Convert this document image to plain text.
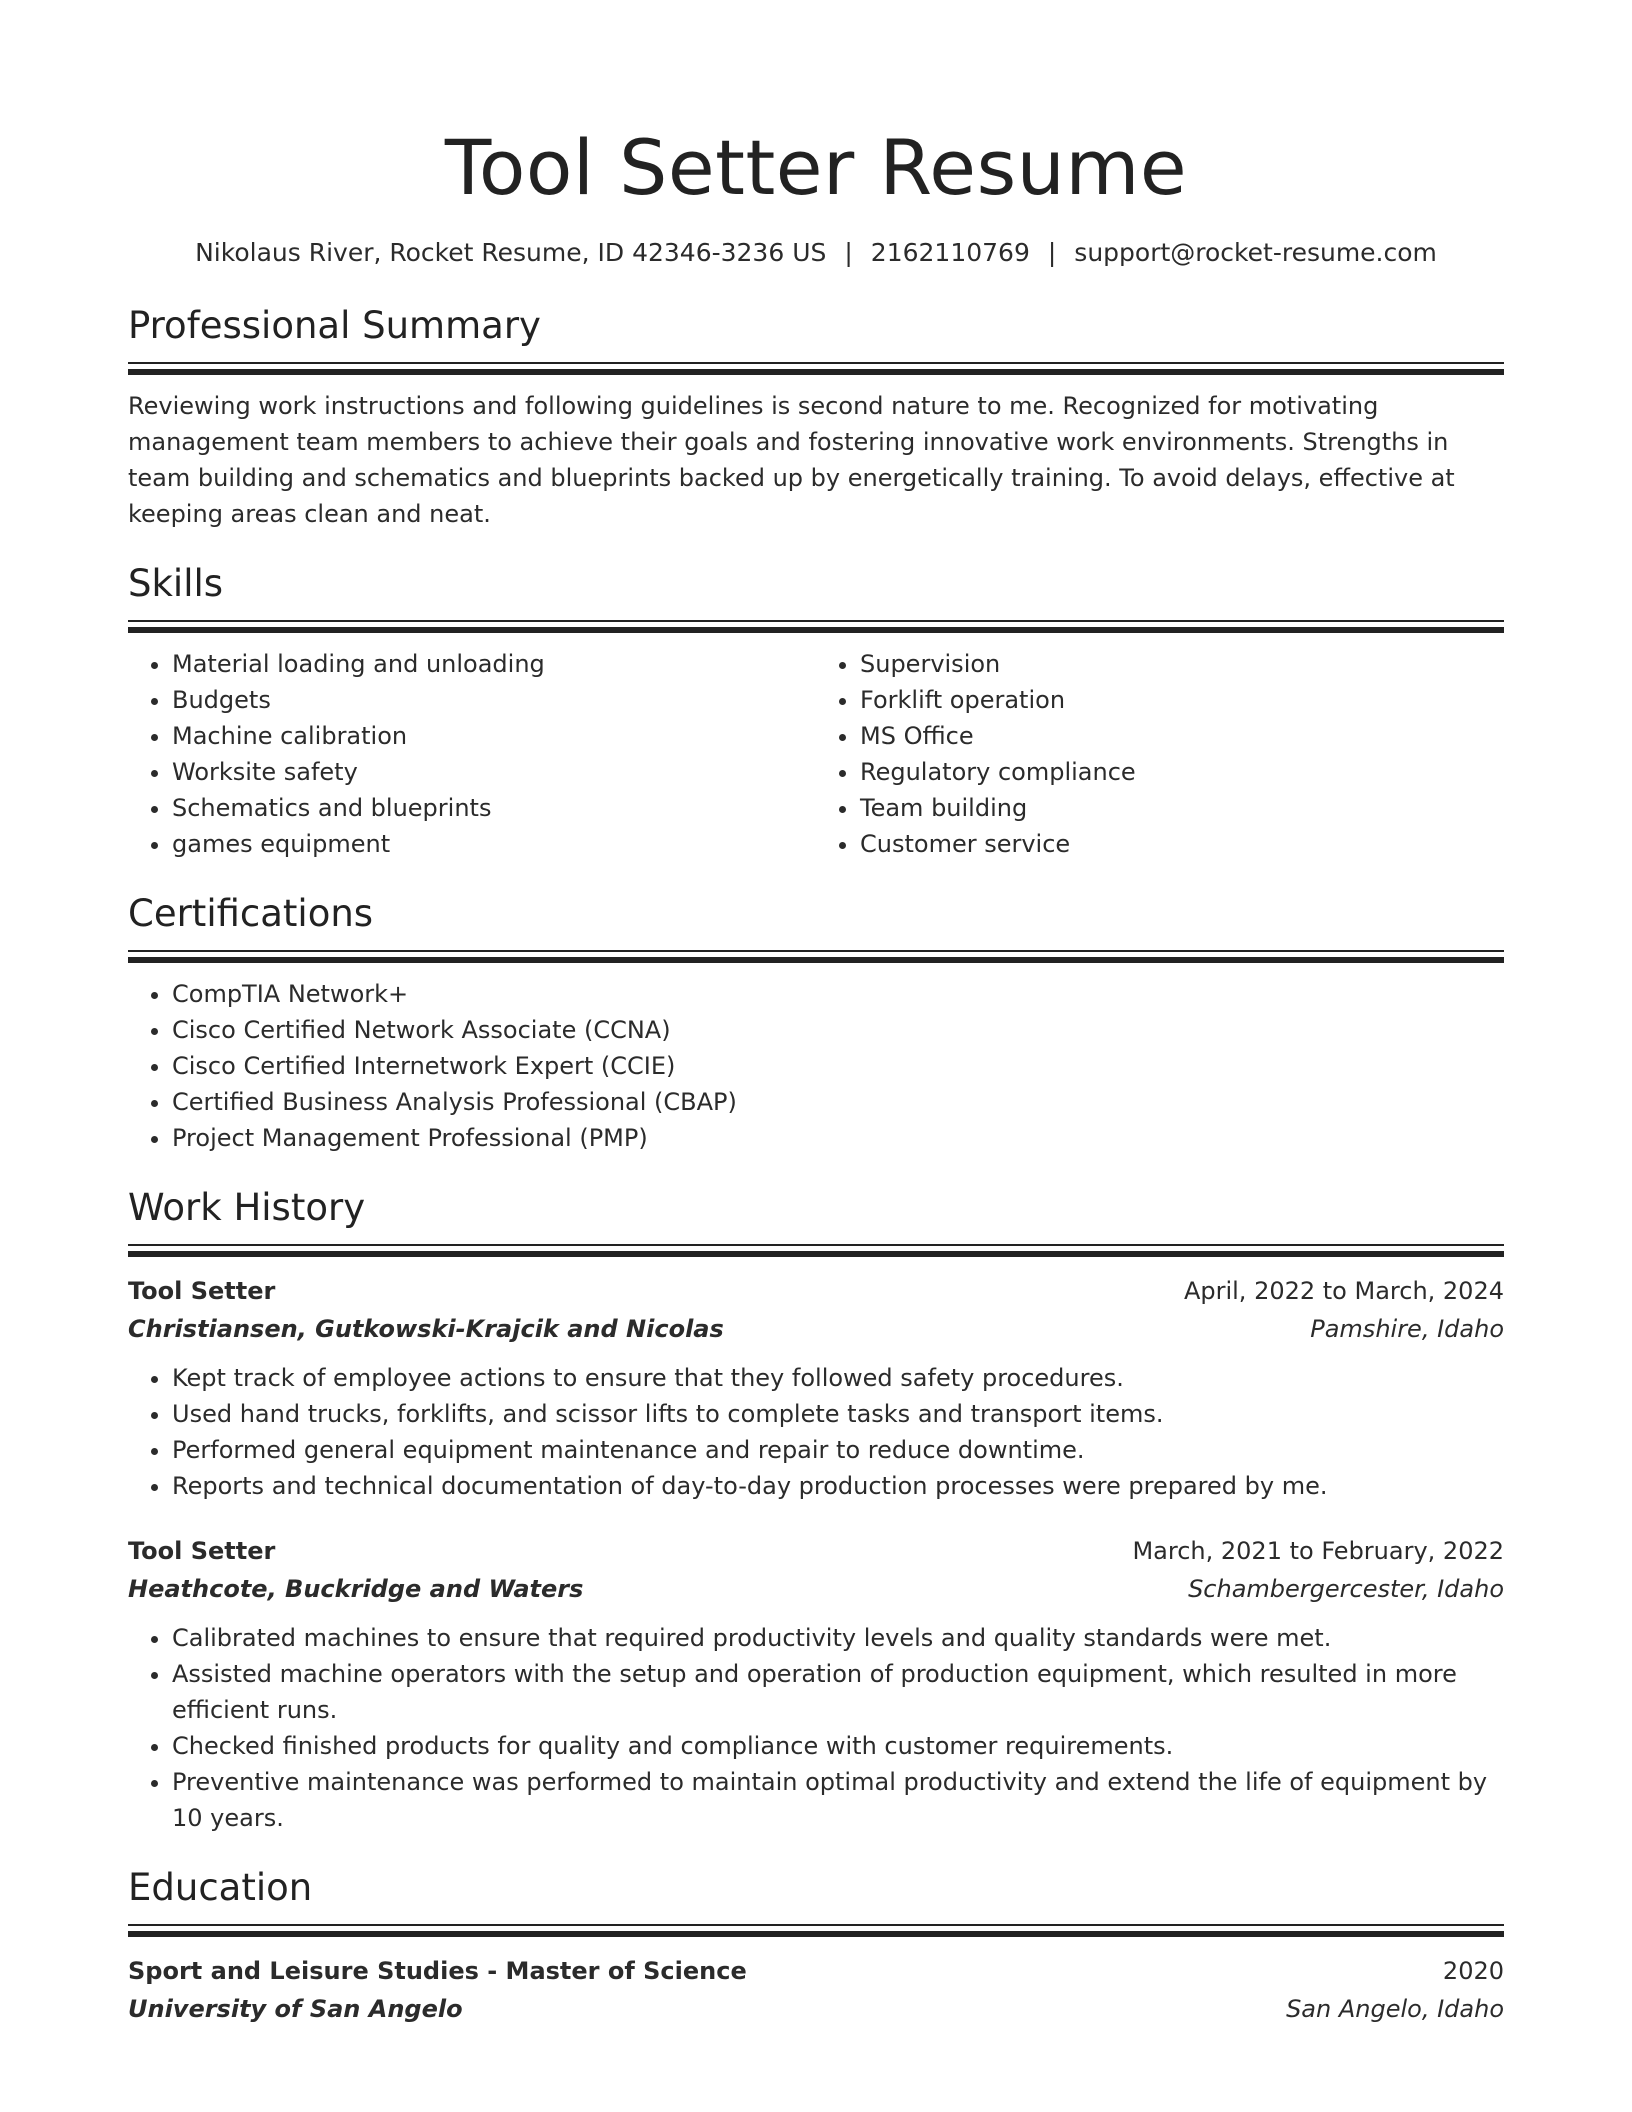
Tool Setter Resume
Nikolaus River, Rocket Resume, ID 42346-3236 US | 2162110769 | support@rocket-resume.com
Professional Summary
Reviewing work instructions and following guidelines is second nature to me. Recognized for motivating management team members to achieve their goals and fostering innovative work environments. Strengths in team building and schematics and blueprints backed up by energetically training. To avoid delays, effective at keeping areas clean and neat.
Skills
• Material loading and unloading
• Budgets
• Machine calibration
• Worksite safety
• Schematics and blueprints
• games equipment
• Supervision
• Forklift operation
• MS Office
• Regulatory compliance
• Team building
• Customer service
Certifications
• CompTIA Network+
• Cisco Certified Network Associate (CCNA)
• Cisco Certified Internetwork Expert (CCIE)
• Certified Business Analysis Professional (CBAP)
• Project Management Professional (PMP)
Work History
Tool Setter	April, 2022 to March, 2024
Christiansen, Gutkowski-Krajcik and Nicolas	Pamshire, Idaho
• Kept track of employee actions to ensure that they followed safety procedures.
• Used hand trucks, forklifts, and scissor lifts to complete tasks and transport items.
• Performed general equipment maintenance and repair to reduce downtime.
• Reports and technical documentation of day-to-day production processes were prepared by me.
Tool Setter	March, 2021 to February, 2022
Heathcote, Buckridge and Waters	Schambergercester, Idaho
• Calibrated machines to ensure that required productivity levels and quality standards were met.
• Assisted machine operators with the setup and operation of production equipment, which resulted in more efficient runs.
• Checked finished products for quality and compliance with customer requirements.
• Preventive maintenance was performed to maintain optimal productivity and extend the life of equipment by 10 years.
Education
Sport and Leisure Studies - Master of Science	2020
University of San Angelo	San Angelo, Idaho
